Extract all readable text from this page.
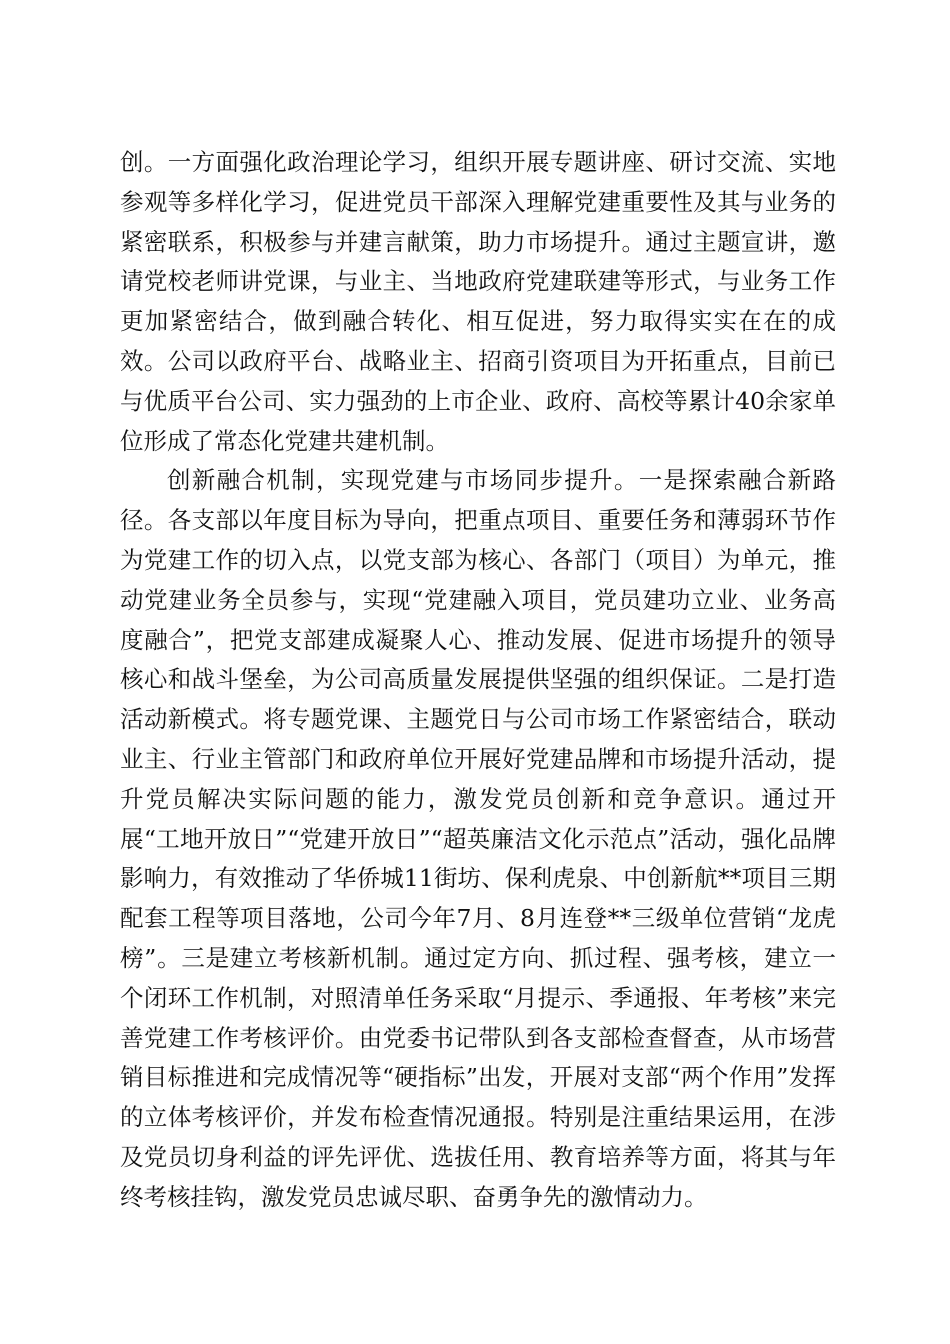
创。一方面强化政治理论学习，组织开展专题讲座、研讨交流、实地参观等多样化学习，促进党员干部深入理解党建重要性及其与业务的紧密联系，积极参与并建言献策，助力市场提升。通过主题宣讲，邀请党校老师讲党课，与业主、当地政府党建联建等形式，与业务工作更加紧密结合，做到融合转化、相互促进，努力取得实实在在的成效。公司以政府平台、战略业主、招商引资项目为开拓重点，目前已与优质平台公司、实力强劲的上市企业、政府、高校等累计40余家单位形成了常态化党建共建机制。

创新融合机制，实现党建与市场同步提升。一是探索融合新路径。各支部以年度目标为导向，把重点项目、重要任务和薄弱环节作为党建工作的切入点，以党支部为核心、各部门（项目）为单元，推动党建业务全员参与，实现“党建融入项目，党员建功立业、业务高度融合”，把党支部建成凝聚人心、推动发展、促进市场提升的领导核心和战斗堡垒，为公司高质量发展提供坚强的组织保证。二是打造活动新模式。将专题党课、主题党日与公司市场工作紧密结合，联动业主、行业主管部门和政府单位开展好党建品牌和市场提升活动，提升党员解决实际问题的能力，激发党员创新和竞争意识。通过开展“工地开放日”“党建开放日”“超英廉洁文化示范点”活动，强化品牌影响力，有效推动了华侨城11街坊、保利虎泉、中创新航**项目三期配套工程等项目落地，公司今年7月、8月连登**三级单位营销“龙虎榜”。三是建立考核新机制。通过定方向、抓过程、强考核，建立一个闭环工作机制，对照清单任务采取“月提示、季通报、年考核”来完善党建工作考核评价。由党委书记带队到各支部检查督查，从市场营销目标推进和完成情况等“硬指标”出发，开展对支部“两个作用”发挥的立体考核评价，并发布检查情况通报。特别是注重结果运用，在涉及党员切身利益的评先评优、选拔任用、教育培养等方面，将其与年终考核挂钩，激发党员忠诚尽职、奋勇争先的激情动力。
